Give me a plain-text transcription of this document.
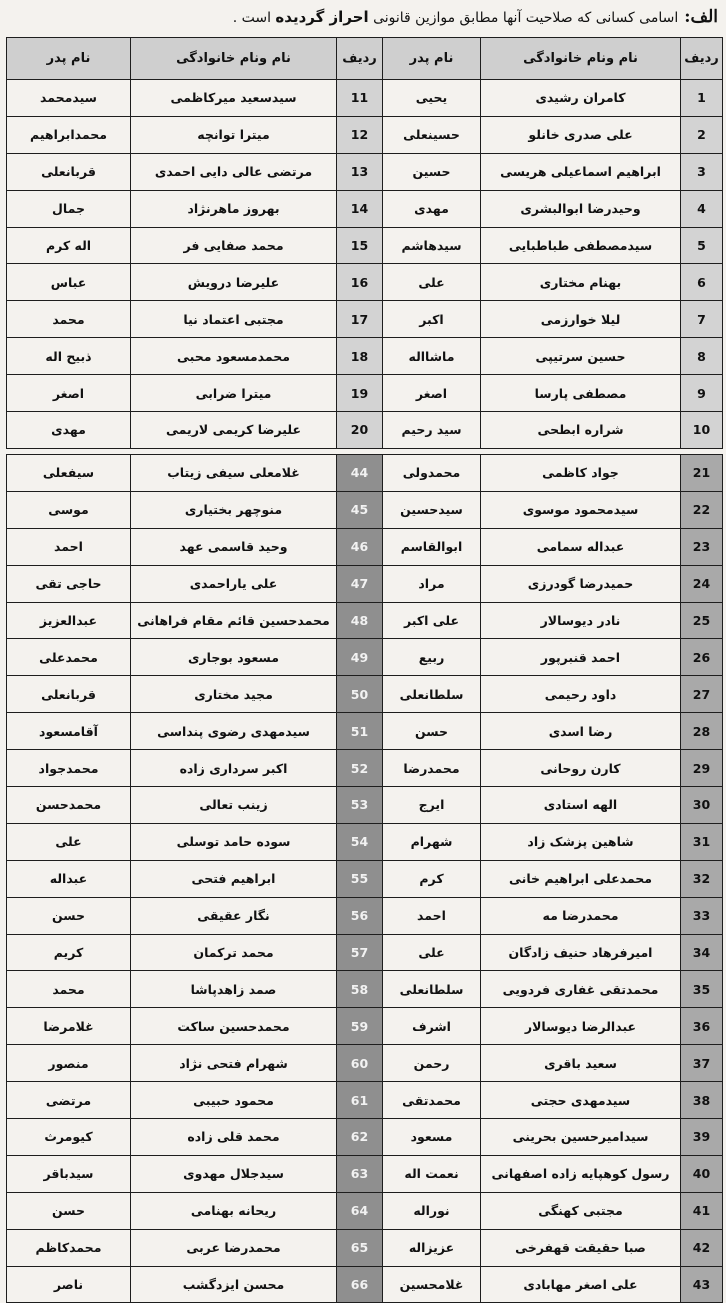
الف:اسامی کسانی که صلاحیت آنها مطابق موازین قانونی احراز گردیده است .
ردیف	نام ونام خانوادگی	نام پدر	ردیف	نام ونام خانوادگی	نام پدر
1	کامران رشیدی	یحیی	11	سیدسعید میرکاظمی	سیدمحمد
2	علی صدری خانلو	حسینعلی	12	میترا توانچه	محمدابراهیم
3	ابراهیم اسماعیلی هریسی	حسین	13	مرتضی عالی دایی احمدی	قربانعلی
4	وحیدرضا ابوالبشری	مهدی	14	بهروز ماهرنژاد	جمال
5	سیدمصطفی طباطبایی	سیدهاشم	15	محمد صفایی فر	اله کرم
6	بهنام مختاری	علی	16	علیرضا درویش	عباس
7	لیلا خوارزمی	اکبر	17	مجتبی اعتماد نیا	محمد
8	حسین سرتیپی	ماشااله	18	محمدمسعود محبی	ذبیح اله
9	مصطفی پارسا	اصغر	19	میترا ضرابی	اصغر
10	شراره ابطحی	سید رحیم	20	علیرضا کریمی لاریمی	مهدی
21	جواد کاظمی	محمدولی	44	غلامعلی سیفی زیتاب	سیفعلی
22	سیدمحمود موسوی	سیدحسین	45	منوچهر بختیاری	موسی
23	عبداله سمامی	ابوالقاسم	46	وحید قاسمی عهد	احمد
24	حمیدرضا گودرزی	مراد	47	علی یاراحمدی	حاجی تقی
25	نادر دیوسالار	علی اکبر	48	محمدحسین قائم مقام فراهانی	عبدالعزیز
26	احمد قنبرپور	ربیع	49	مسعود بوجاری	محمدعلی
27	داود رحیمی	سلطانعلی	50	مجید مختاری	قربانعلی
28	رضا اسدی	حسن	51	سیدمهدی رضوی پنداسی	آقامسعود
29	کارن روحانی	محمدرضا	52	اکبر سرداری زاده	محمدجواد
30	الهه استادی	ایرج	53	زینب تعالی	محمدحسن
31	شاهین پزشک زاد	شهرام	54	سوده حامد توسلی	علی
32	محمدعلی ابراهیم خانی	کرم	55	ابراهیم فتحی	عبداله
33	محمدرضا مه	احمد	56	نگار عقیقی	حسن
34	امیرفرهاد حنیف زادگان	علی	57	محمد ترکمان	کریم
35	محمدتقی غفاری فردویی	سلطانعلی	58	صمد زاهدپاشا	محمد
36	عبدالرضا دیوسالار	اشرف	59	محمدحسین ساکت	غلامرضا
37	سعید باقری	رحمن	60	شهرام فتحی نژاد	منصور
38	سیدمهدی حجتی	محمدتقی	61	محمود حبیبی	مرتضی
39	سیدامیرحسین بحرینی	مسعود	62	محمد قلی زاده	کیومرث
40	رسول کوهپایه زاده اصفهانی	نعمت اله	63	سیدجلال مهدوی	سیدباقر
41	مجتبی کهنگی	نوراله	64	ریحانه بهنامی	حسن
42	صبا حقیقت قهفرخی	عزیزاله	65	محمدرضا عربی	محمدکاظم
43	علی اصغر مهابادی	غلامحسین	66	محسن ایزدگشب	ناصر
